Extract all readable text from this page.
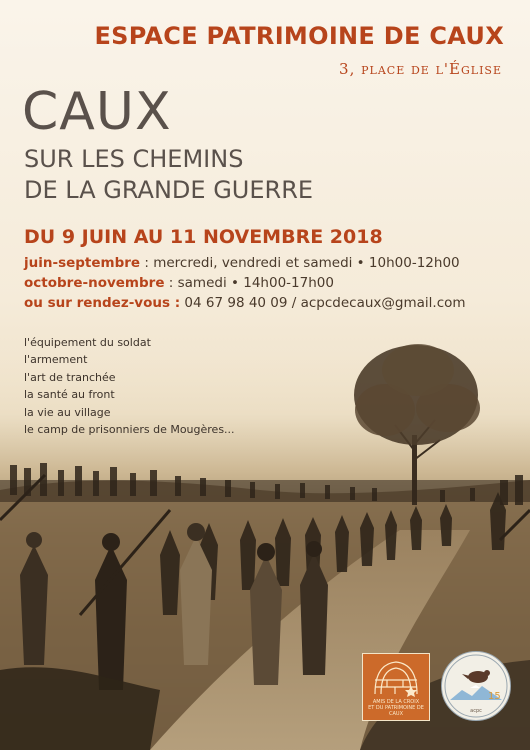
ESPACE PATRIMOINE DE CAUX
3, place de l'Église
CAUX
SUR LES CHEMINS
DE LA GRANDE GUERRE
DU 9 JUIN AU 11 NOVEMBRE 2018
juin-septembre : mercredi, vendredi et samedi • 10h00-12h00
octobre-novembre : samedi • 14h00-17h00
ou sur rendez-vous : 04 67 98 40 09 / acpcdecaux@gmail.com
l'équipement du soldat
l'armement
l'art de tranchée
la santé au front
la vie au village
le camp de prisonniers de Mougères...
AMIS DE LA CROIX
ET DU PATRIMOINE DE CAUX
15
acpc
